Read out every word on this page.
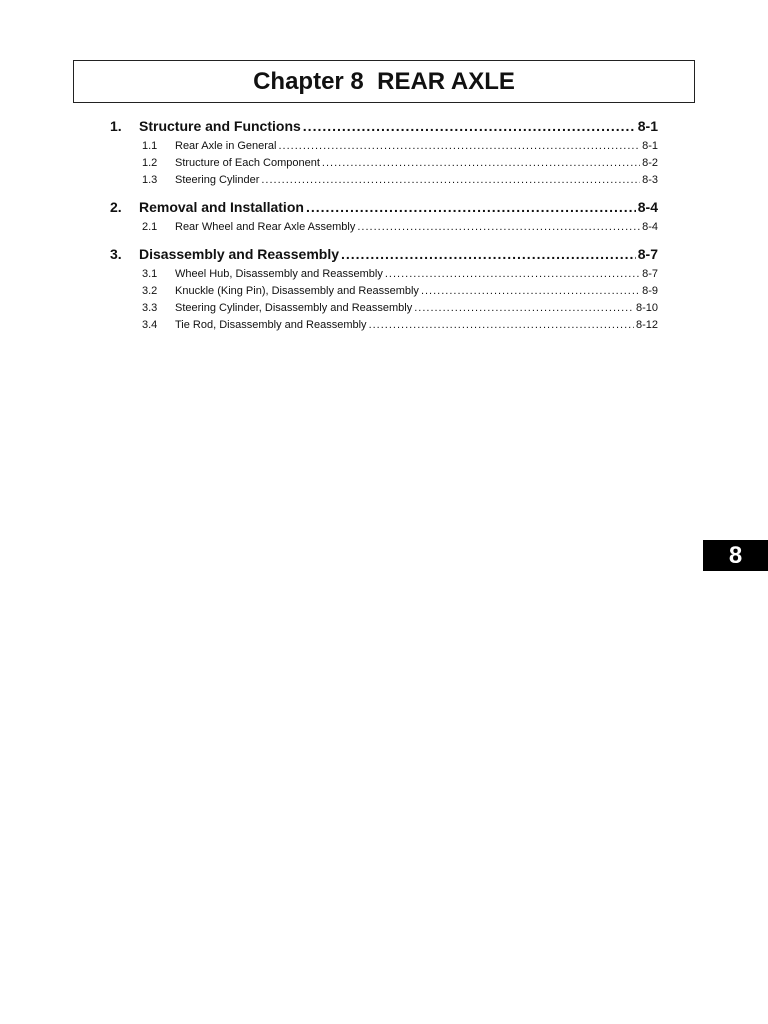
Chapter 8  REAR AXLE
1.	Structure and Functions .....	8-1
1.1	Rear Axle in General .....	8-1
1.2	Structure of Each Component .....	8-2
1.3	Steering Cylinder .....	8-3
2.	Removal and Installation .....	8-4
2.1	Rear Wheel and Rear Axle Assembly .....	8-4
3.	Disassembly and Reassembly .....	8-7
3.1	Wheel Hub, Disassembly and Reassembly .....	8-7
3.2	Knuckle (King Pin), Disassembly and Reassembly .....	8-9
3.3	Steering Cylinder, Disassembly and Reassembly .....	8-10
3.4	Tie Rod, Disassembly and Reassembly .....	8-12
8
